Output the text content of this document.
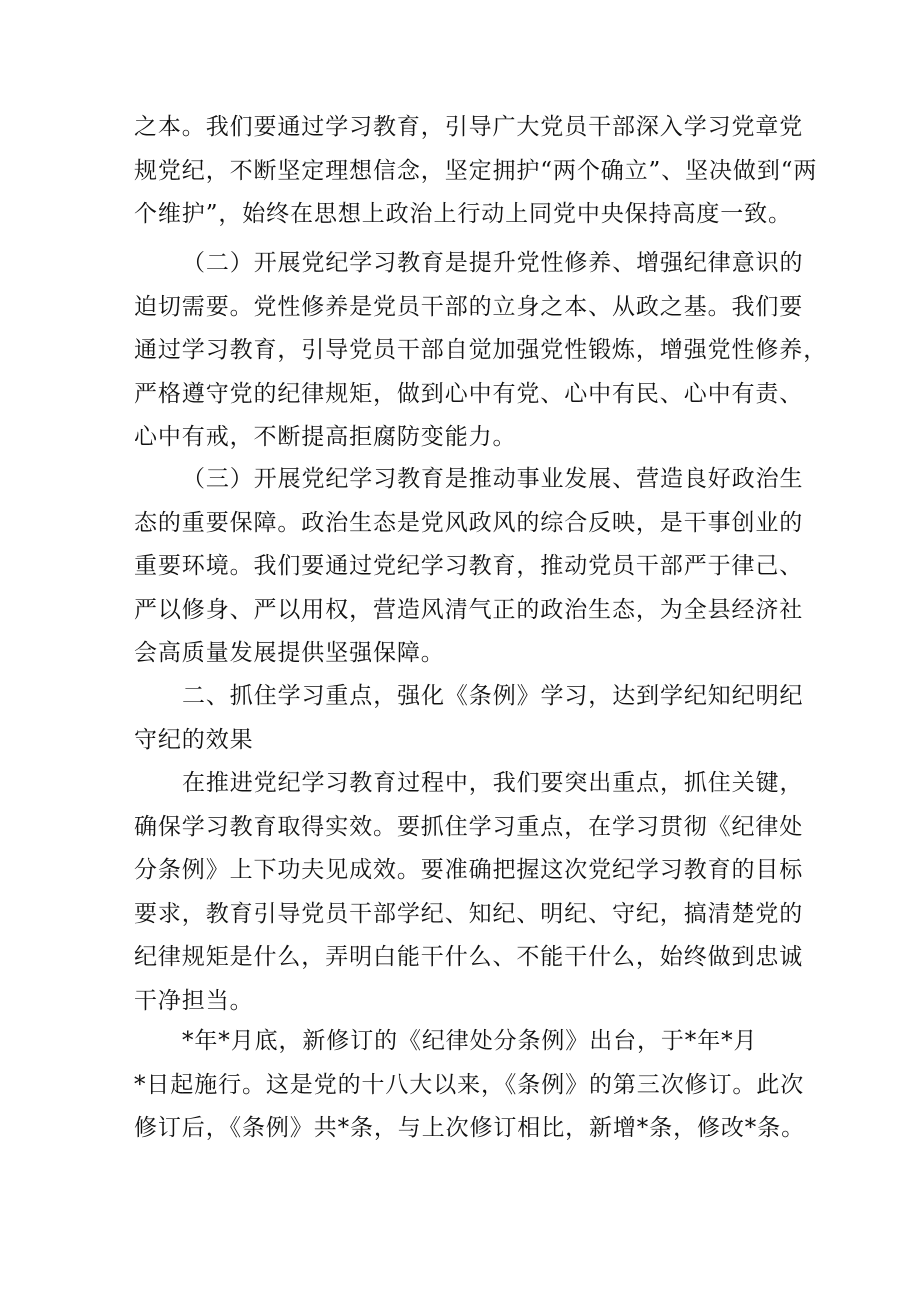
之本。我们要通过学习教育，引导广大党员干部深入学习党章党
规党纪，不断坚定理想信念，坚定拥护“两个确立”、坚决做到“两
个维护”，始终在思想上政治上行动上同党中央保持高度一致。
（二）开展党纪学习教育是提升党性修养、增强纪律意识的
迫切需要。党性修养是党员干部的立身之本、从政之基。我们要
通过学习教育，引导党员干部自觉加强党性锻炼，增强党性修养，
严格遵守党的纪律规矩，做到心中有党、心中有民、心中有责、
心中有戒，不断提高拒腐防变能力。
（三）开展党纪学习教育是推动事业发展、营造良好政治生
态的重要保障。政治生态是党风政风的综合反映，是干事创业的
重要环境。我们要通过党纪学习教育，推动党员干部严于律己、
严以修身、严以用权，营造风清气正的政治生态，为全县经济社
会高质量发展提供坚强保障。
二、抓住学习重点，强化《条例》学习，达到学纪知纪明纪
守纪的效果
在推进党纪学习教育过程中，我们要突出重点，抓住关键，
确保学习教育取得实效。要抓住学习重点，在学习贯彻《纪律处
分条例》上下功夫见成效。要准确把握这次党纪学习教育的目标
要求，教育引导党员干部学纪、知纪、明纪、守纪，搞清楚党的
纪律规矩是什么，弄明白能干什么、不能干什么，始终做到忠诚
干净担当。
*年*月底，新修订的《纪律处分条例》出台，于*年*月
*日起施行。这是党的十八大以来，《条例》的第三次修订。此次
修订后，《条例》共*条，与上次修订相比，新增*条，修改*条。
